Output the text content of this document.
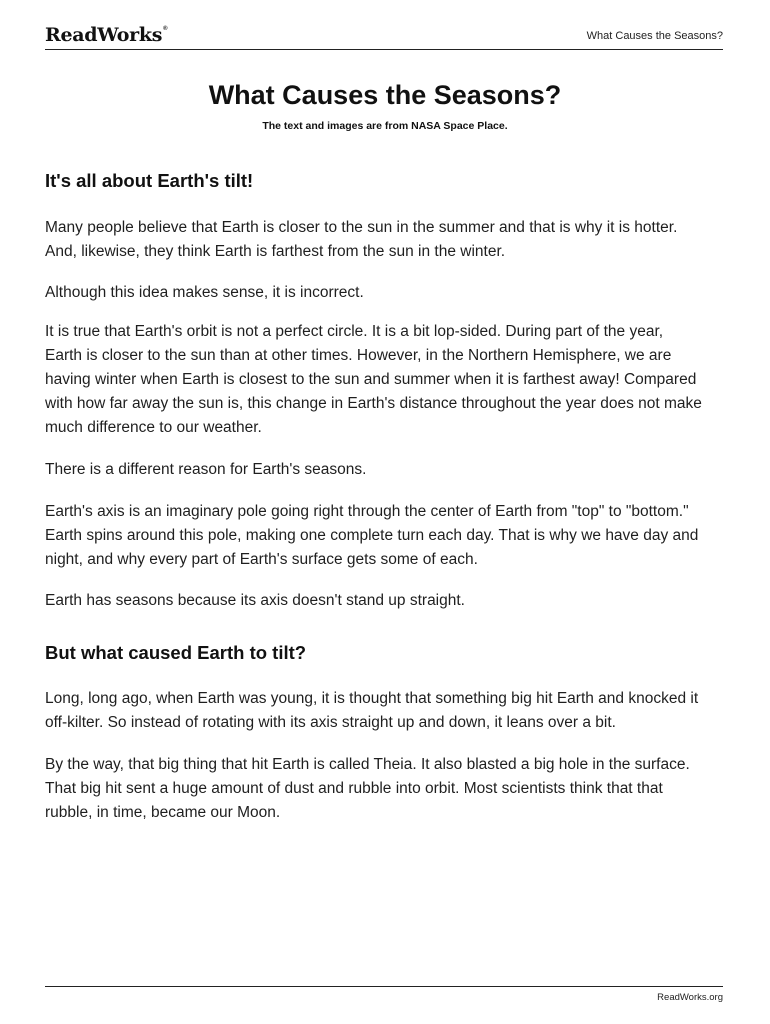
ReadWorks®
What Causes the Seasons?
What Causes the Seasons?
The text and images are from NASA Space Place.
It's all about Earth's tilt!

Many people believe that Earth is closer to the sun in the summer and that is why it is hotter.
And, likewise, they think Earth is farthest from the sun in the winter.

Although this idea makes sense, it is incorrect.

It is true that Earth's orbit is not a perfect circle. It is a bit lop-sided. During part of the year,
Earth is closer to the sun than at other times. However, in the Northern Hemisphere, we are
having winter when Earth is closest to the sun and summer when it is farthest away! Compared
with how far away the sun is, this change in Earth's distance throughout the year does not make
much difference to our weather.

There is a different reason for Earth's seasons.

Earth's axis is an imaginary pole going right through the center of Earth from "top" to "bottom."
Earth spins around this pole, making one complete turn each day. That is why we have day and
night, and why every part of Earth's surface gets some of each.

Earth has seasons because its axis doesn't stand up straight.

But what caused Earth to tilt?

Long, long ago, when Earth was young, it is thought that something big hit Earth and knocked it
off-kilter. So instead of rotating with its axis straight up and down, it leans over a bit.

By the way, that big thing that hit Earth is called Theia. It also blasted a big hole in the surface.
That big hit sent a huge amount of dust and rubble into orbit. Most scientists think that that
rubble, in time, became our Moon.

ReadWorks.org
